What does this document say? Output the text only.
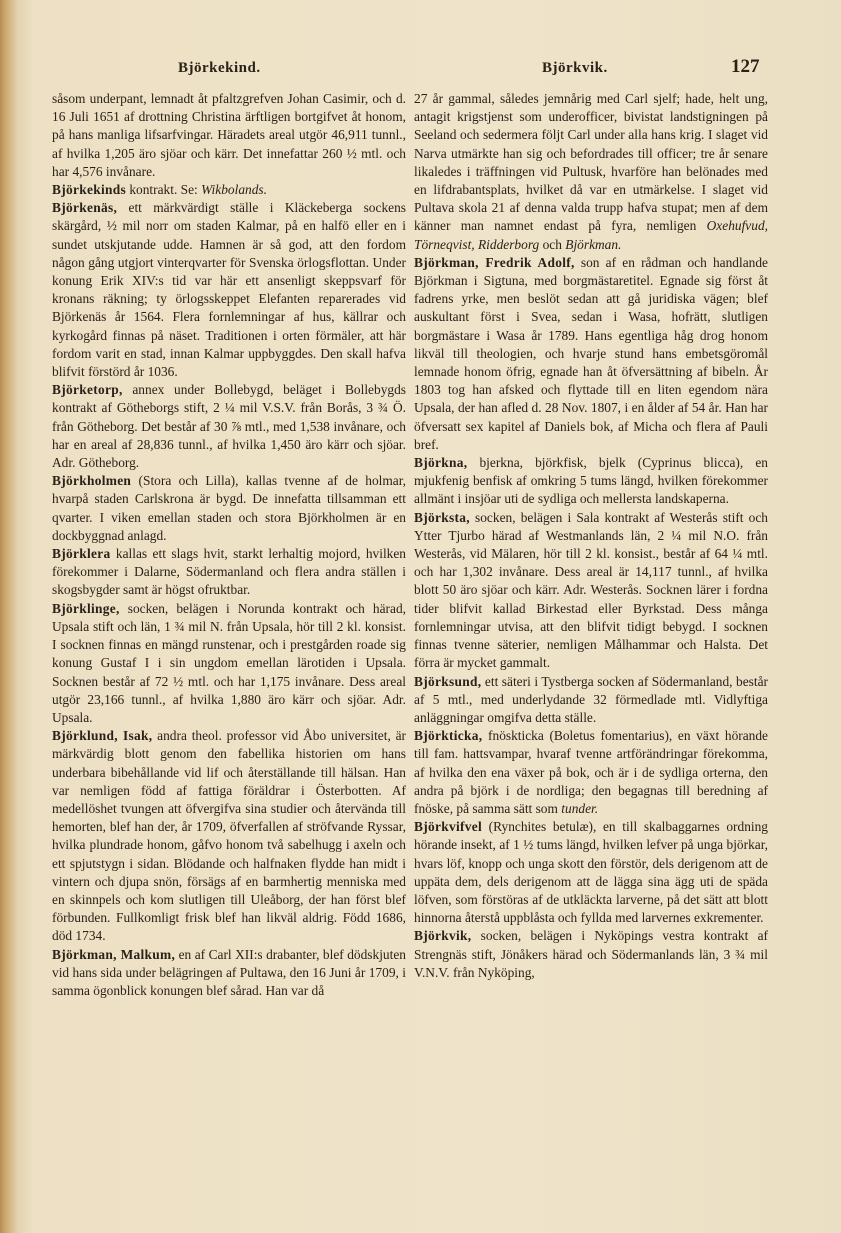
Björkekind.	Björkvik.	127

såsom underpant, lemnadt åt pfaltzgrefven Johan Casimir, och d. 16 Juli 1651 af drottning Christina ärftligen bortgifvet åt honom, på hans manliga lifsarfvingar. Häradets areal utgör 46,911 tunnl., af hvilka 1,205 äro sjöar och kärr. Det innefattar 260 ½ mtl. och har 4,576 invånare.

Björkekinds kontrakt. Se: Wikbolands.

Björkenäs, ett märkvärdigt ställe i Kläckeberga sockens skärgård, ½ mil norr om staden Kalmar, på en halfö eller en i sundet utskjutande udde. Hamnen är så god, att den fordom någon gång utgjort vinterqvarter för Svenska örlogsflottan. Under konung Erik XIV:s tid var här ett ansenligt skeppsvarf för kronans räkning; ty örlogsskeppet Elefanten reparerades vid Björkenäs år 1564. Flera fornlemningar af hus, källrar och kyrkogård finnas på näset. Traditionen i orten förmäler, att här fordom varit en stad, innan Kalmar uppbyggdes. Den skall hafva blifvit förstörd år 1036.

Björketorp, annex under Bollebygd, beläget i Bollebygds kontrakt af Götheborgs stift, 2 ¼ mil V.S.V. från Borås, 3 ¾ Ö. från Götheborg. Det består af 30 ⅞ mtl., med 1,538 invånare, och har en areal af 28,836 tunnl., af hvilka 1,450 äro kärr och sjöar. Adr. Götheborg.

Björkholmen (Stora och Lilla), kallas tvenne af de holmar, hvarpå staden Carlskrona är bygd. De innefatta tillsamman ett qvarter. I viken emellan staden och stora Björkholmen är en dockbyggnad anlagd.

Björklera kallas ett slags hvit, starkt lerhaltig mojord, hvilken förekommer i Dalarne, Södermanland och flera andra ställen i skogsbygder samt är högst ofruktbar.

Björklinge, socken, belägen i Norunda kontrakt och härad, Upsala stift och län, 1 ¾ mil N. från Upsala, hör till 2 kl. konsist. I socknen finnas en mängd runstenar, och i prestgården roade sig konung Gustaf I i sin ungdom emellan lärotiden i Upsala. Socknen består af 72 ½ mtl. och har 1,175 invånare. Dess areal utgör 23,166 tunnl., af hvilka 1,880 äro kärr och sjöar. Adr. Upsala.

Björklund, Isak, andra theol. professor vid Åbo universitet, är märkvärdig blott genom den fabellika historien om hans underbara bibehållande vid lif och återställande till hälsan. Han var nemligen född af fattiga föräldrar i Österbotten. Af medellöshet tvungen att öfvergifva sina studier och återvända till hemorten, blef han der, år 1709, öfverfallen af ströfvande Ryssar, hvilka plundrade honom, gåfvo honom två sabelhugg i axeln och ett spjutstygn i sidan. Blödande och halfnaken flydde han midt i vintern och djupa snön, försägs af en barmhertig menniska med en skinnpels och kom slutligen till Uleåborg, der han först blef förbunden. Fullkomligt frisk blef han likväl aldrig. Född 1686, död 1734.

Björkman, Malkum, en af Carl XII:s drabanter, blef dödskjuten vid hans sida under belägringen af Pultawa, den 16 Juni år 1709, i samma ögonblick konungen blef sårad. Han var då

27 år gammal, således jemnårig med Carl sjelf; hade, helt ung, antagit krigstjenst som underofficer, bivistat landstigningen på Seeland och sedermera följt Carl under alla hans krig. I slaget vid Narva utmärkte han sig och befordrades till officer; tre år senare likaledes i träffningen vid Pultusk, hvarföre han belönades med en lifdrabantsplats, hvilket då var en utmärkelse. I slaget vid Pultava skola 21 af denna valda trupp hafva stupat; men af dem känner man namnet endast på fyra, nemligen Oxehufvud, Törneqvist, Ridderborg och Björkman.

Björkman, Fredrik Adolf, son af en rådman och handlande Björkman i Sigtuna, med borgmästaretitel. Egnade sig först åt fadrens yrke, men beslöt sedan att gå juridiska vägen; blef auskultant först i Svea, sedan i Wasa, hofrätt, slutligen borgmästare i Wasa år 1789. Hans egentliga håg drog honom likväl till theologien, och hvarje stund hans embetsgöromål lemnade honom öfrig, egnade han åt öfversättning af bibeln. År 1803 tog han afsked och flyttade till en liten egendom nära Upsala, der han afled d. 28 Nov. 1807, i en ålder af 54 år. Han har öfversatt sex kapitel af Daniels bok, af Micha och flera af Pauli bref.

Björkna, bjerkna, björkfisk, bjelk (Cyprinus blicca), en mjukfenig benfisk af omkring 5 tums längd, hvilken förekommer allmänt i insjöar uti de sydliga och mellersta landskaperna.

Björksta, socken, belägen i Sala kontrakt af Westerås stift och Ytter Tjurbo härad af Westmanlands län, 2 ¼ mil N.O. från Westerås, vid Mälaren, hör till 2 kl. konsist., består af 64 ¼ mtl. och har 1,302 invånare. Dess areal är 14,117 tunnl., af hvilka blott 50 äro sjöar och kärr. Adr. Westerås. Socknen lärer i fordna tider blifvit kallad Birkestad eller Byrkstad. Dess många fornlemningar utvisa, att den blifvit tidigt bebygd. I socknen finnas tvenne säterier, nemligen Målhammar och Halsta. Det förra är mycket gammalt.

Björksund, ett säteri i Tystberga socken af Södermanland, består af 5 mtl., med underlydande 32 förmedlade mtl. Vidlyftiga anläggningar omgifva detta ställe.

Björkticka, fnöskticka (Boletus fomentarius), en växt hörande till fam. hattsvampar, hvaraf tvenne artförändringar förekomma, af hvilka den ena växer på bok, och är i de sydliga orterna, den andra på björk i de nordliga; den begagnas till beredning af fnöske, på samma sätt som tunder.

Björkvifvel (Rynchites betulæ), en till skalbaggarnes ordning hörande insekt, af 1 ½ tums längd, hvilken lefver på unga björkar, hvars löf, knopp och unga skott den förstör, dels derigenom att de uppäta dem, dels derigenom att de lägga sina ägg uti de späda löfven, som förstöras af de utkläckta larverne, på det sätt att blott hinnorna återstå uppblåsta och fyllda med larvernes exkrementer.

Björkvik, socken, belägen i Nyköpings vestra kontrakt af Strengnäs stift, Jönåkers härad och Södermanlands län, 3 ¾ mil V.N.V. från Nyköping,
